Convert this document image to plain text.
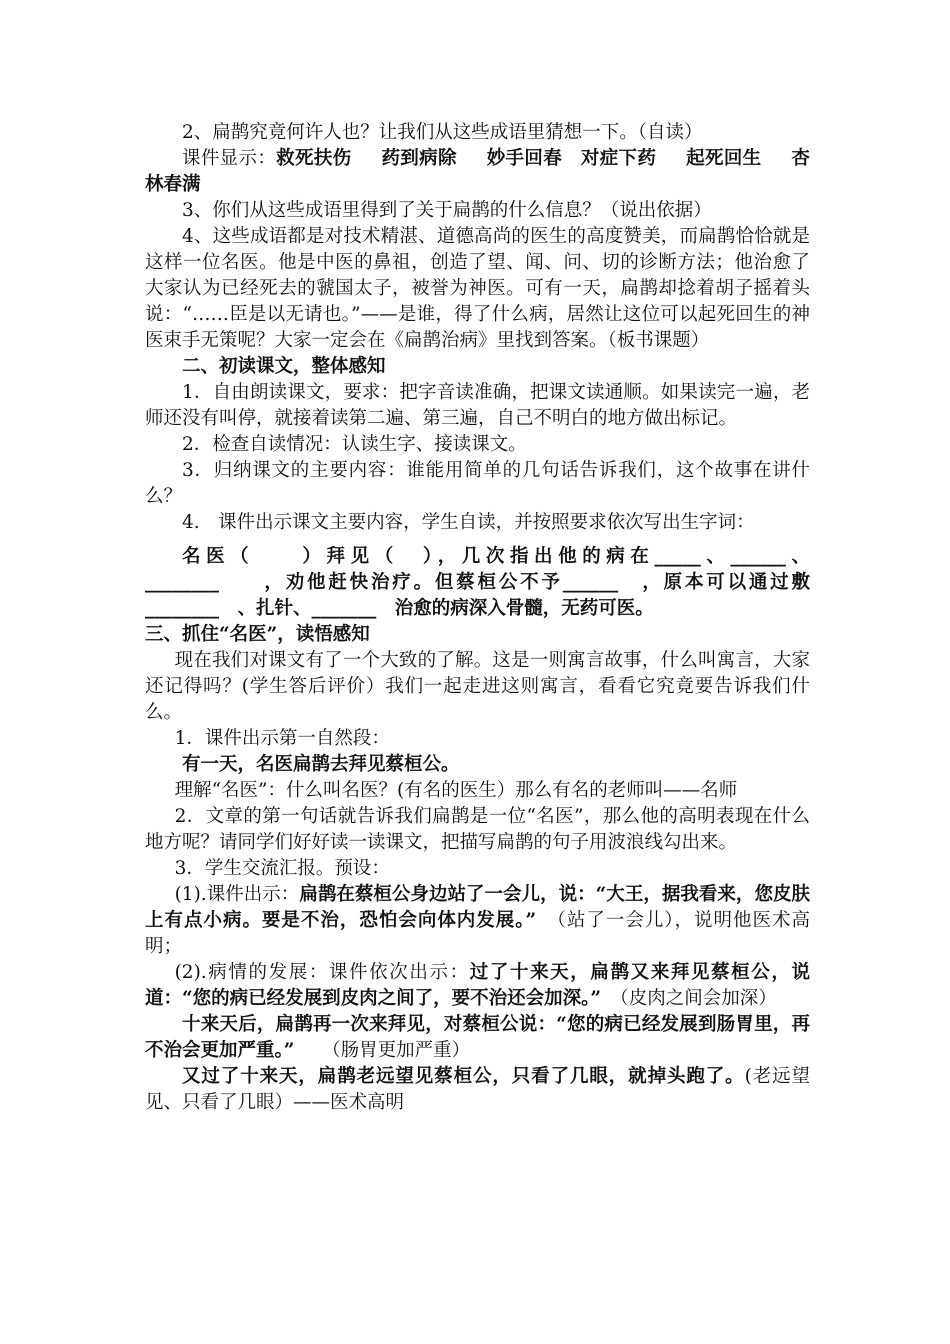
2、扁鹊究竟何许人也？让我们从这些成语里猜想一下。（自读）

课件显示：救死扶伤 药到病除 妙手回春　 对症下药 起死回生 杏林春满

3、你们从这些成语里得到了关于扁鹊的什么信息？（说出依据）

4、这些成语都是对技术精湛、道德高尚的医生的高度赞美，而扁鹊恰恰就是这样一位名医。他是中医的鼻祖，创造了望、闻、问、切的诊断方法；他治愈了大家认为已经死去的虢国太子，被誉为神医。可有一天，扁鹊却捻着胡子摇着头说：“……臣是以无请也。”——是谁，得了什么病，居然让这位可以起死回生的神医束手无策呢？大家一定会在《扁鹊治病》里找到答案。（板书课题）

二、初读课文，整体感知

1．自由朗读课文，要求：把字音读准确，把课文读通顺。如果读完一遍，老师还没有叫停，就接着读第二遍、第三遍，自己不明白的地方做出标记。

2．检查自读情况：认读生字、接读课文。

3．归纳课文的主要内容：谁能用简单的几句话告诉我们，这个故事在讲什么？

4.　课件出示课文主要内容，学生自读，并按照要求依次写出生字词：

名医（　　）拜见（　），几次指出他的病在_____、______、________　　，劝他赶快治疗。但蔡桓公不予______　，原本可以通过敷________　、扎针、_______　治愈的病深入骨髓，无药可医。

三、抓住“名医”，读悟感知

现在我们对课文有了一个大致的了解。这是一则寓言故事，什么叫寓言，大家还记得吗？(学生答后评价）我们一起走进这则寓言，看看它究竟要告诉我们什么。

1．课件出示第一自然段：

有一天，名医扁鹊去拜见蔡桓公。

理解“名医”：什么叫名医？(有名的医生）那么有名的老师叫——名师

2．文章的第一句话就告诉我们扁鹊是一位“名医”，那么他的高明表现在什么地方呢？请同学们好好读一读课文，把描写扁鹊的句子用波浪线勾出来。

3．学生交流汇报。预设：

(1).课件出示：扁鹊在蔡桓公身边站了一会儿，说：“大王，据我看来，您皮肤上有点小病。要是不治，恐怕会向体内发展。”　（站了一会儿），说明他医术高明；

(2).病情的发展：课件依次出示：过了十来天，扁鹊又来拜见蔡桓公，说道：“您的病已经发展到皮肉之间了，要不治还会加深。”　（皮肉之间会加深）

十来天后，扁鹊再一次来拜见，对蔡桓公说：“您的病已经发展到肠胃里，再不治会更加严重。”　　（肠胃更加严重）

又过了十来天，扁鹊老远望见蔡桓公，只看了几眼，就掉头跑了。(老远望见、只看了几眼）——医术高明
